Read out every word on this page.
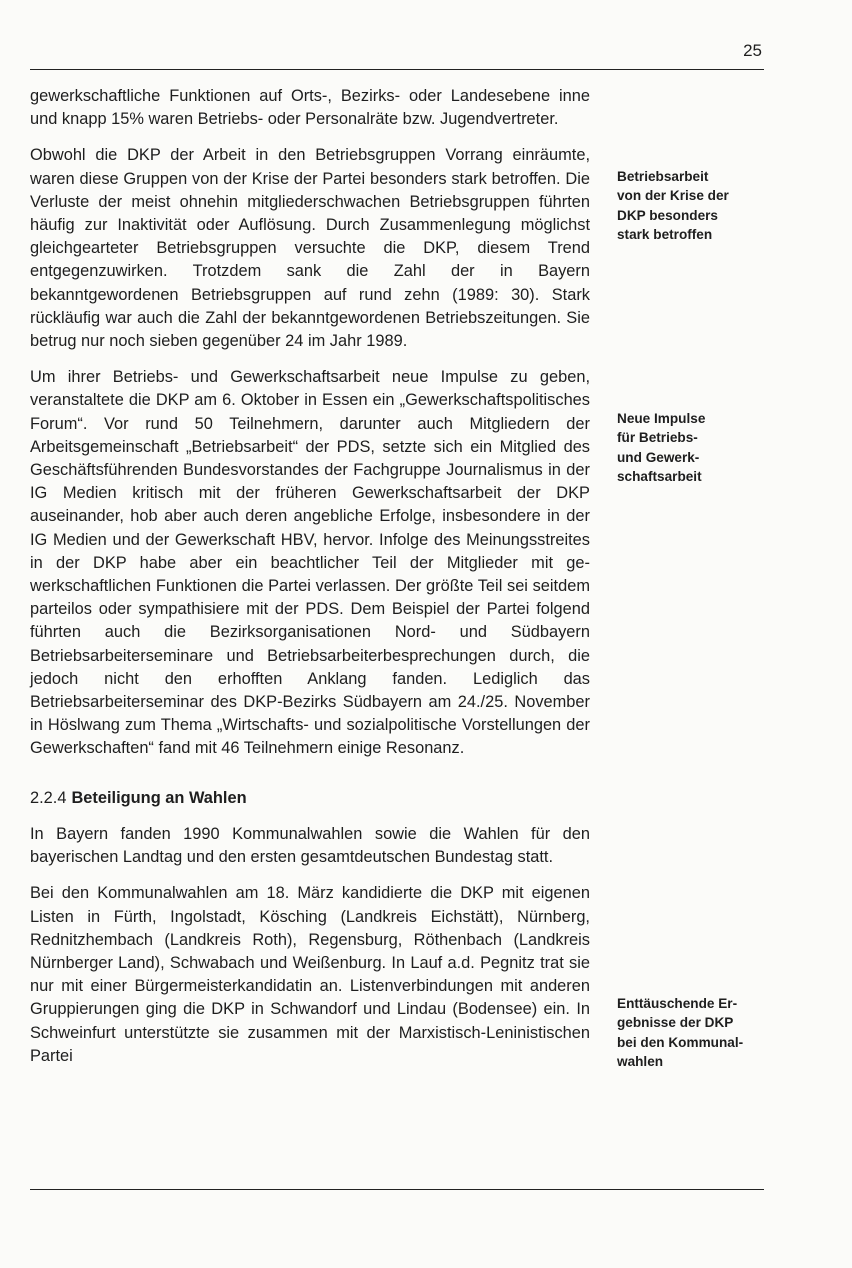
25

gewerkschaftliche Funktionen auf Orts-, Bezirks- oder Landesebene inne und knapp 15% waren Betriebs- oder Personalräte bzw. Jugendvertreter.

Obwohl die DKP der Arbeit in den Betriebsgruppen Vorrang einräumte, waren diese Gruppen von der Krise der Partei besonders stark betroffen. Die Verluste der meist ohnehin mitgliederschwachen Betriebsgruppen führten häufig zur Inaktivität oder Auflösung. Durch Zusammenlegung möglichst gleichgearteter Betriebsgruppen versuchte die DKP, diesem Trend entgegenzuwirken. Trotzdem sank die Zahl der in Bayern bekanntgewordenen Betriebsgruppen auf rund zehn (1989: 30). Stark rückläufig war auch die Zahl der bekanntgewordenen Betriebszeitungen. Sie betrug nur noch sieben gegenüber 24 im Jahr 1989.

Um ihrer Betriebs- und Gewerkschaftsarbeit neue Impulse zu geben, veranstaltete die DKP am 6. Oktober in Essen ein „Gewerkschaftspolitisches Forum“. Vor rund 50 Teilnehmern, darunter auch Mitgliedern der Arbeitsgemeinschaft „Betriebsarbeit“ der PDS, setzte sich ein Mitglied des Geschäftsführenden Bundesvorstandes der Fachgruppe Journalismus in der IG Medien kritisch mit der früheren Gewerkschaftsarbeit der DKP auseinander, hob aber auch deren angebliche Erfolge, insbesondere in der IG Medien und der Gewerkschaft HBV, hervor. Infolge des Meinungsstreites in der DKP habe aber ein beachtlicher Teil der Mitglieder mit gewerkschaftlichen Funktionen die Partei verlassen. Der größte Teil sei seitdem parteilos oder sympathisiere mit der PDS. Dem Beispiel der Partei folgend führten auch die Bezirksorganisationen Nord- und Südbayern Betriebsarbeiterseminare und Betriebsarbeiterbesprechungen durch, die jedoch nicht den erhofften Anklang fanden. Lediglich das Betriebsarbeiterseminar des DKP-Bezirks Südbayern am 24./25. November in Höslwang zum Thema „Wirtschafts- und sozialpolitische Vorstellungen der Gewerkschaften“ fand mit 46 Teilnehmern einige Resonanz.

2.2.4 Beteiligung an Wahlen

In Bayern fanden 1990 Kommunalwahlen sowie die Wahlen für den bayerischen Landtag und den ersten gesamtdeutschen Bundestag statt.

Bei den Kommunalwahlen am 18. März kandidierte die DKP mit eigenen Listen in Fürth, Ingolstadt, Kösching (Landkreis Eichstätt), Nürnberg, Rednitzhembach (Landkreis Roth), Regensburg, Röthenbach (Landkreis Nürnberger Land), Schwabach und Weißenburg. In Lauf a.d. Pegnitz trat sie nur mit einer Bürgermeisterkandidatin an. Listenverbindungen mit anderen Gruppierungen ging die DKP in Schwandorf und Lindau (Bodensee) ein. In Schweinfurt unterstützte sie zusammen mit der Marxistisch-Leninistischen Partei

Betriebsarbeit
von der Krise der
DKP besonders
stark betroffen
Neue Impulse
für Betriebs-
und Gewerk-
schaftsarbeit
Enttäuschende Er-
gebnisse der DKP
bei den Kommunal-
wahlen
